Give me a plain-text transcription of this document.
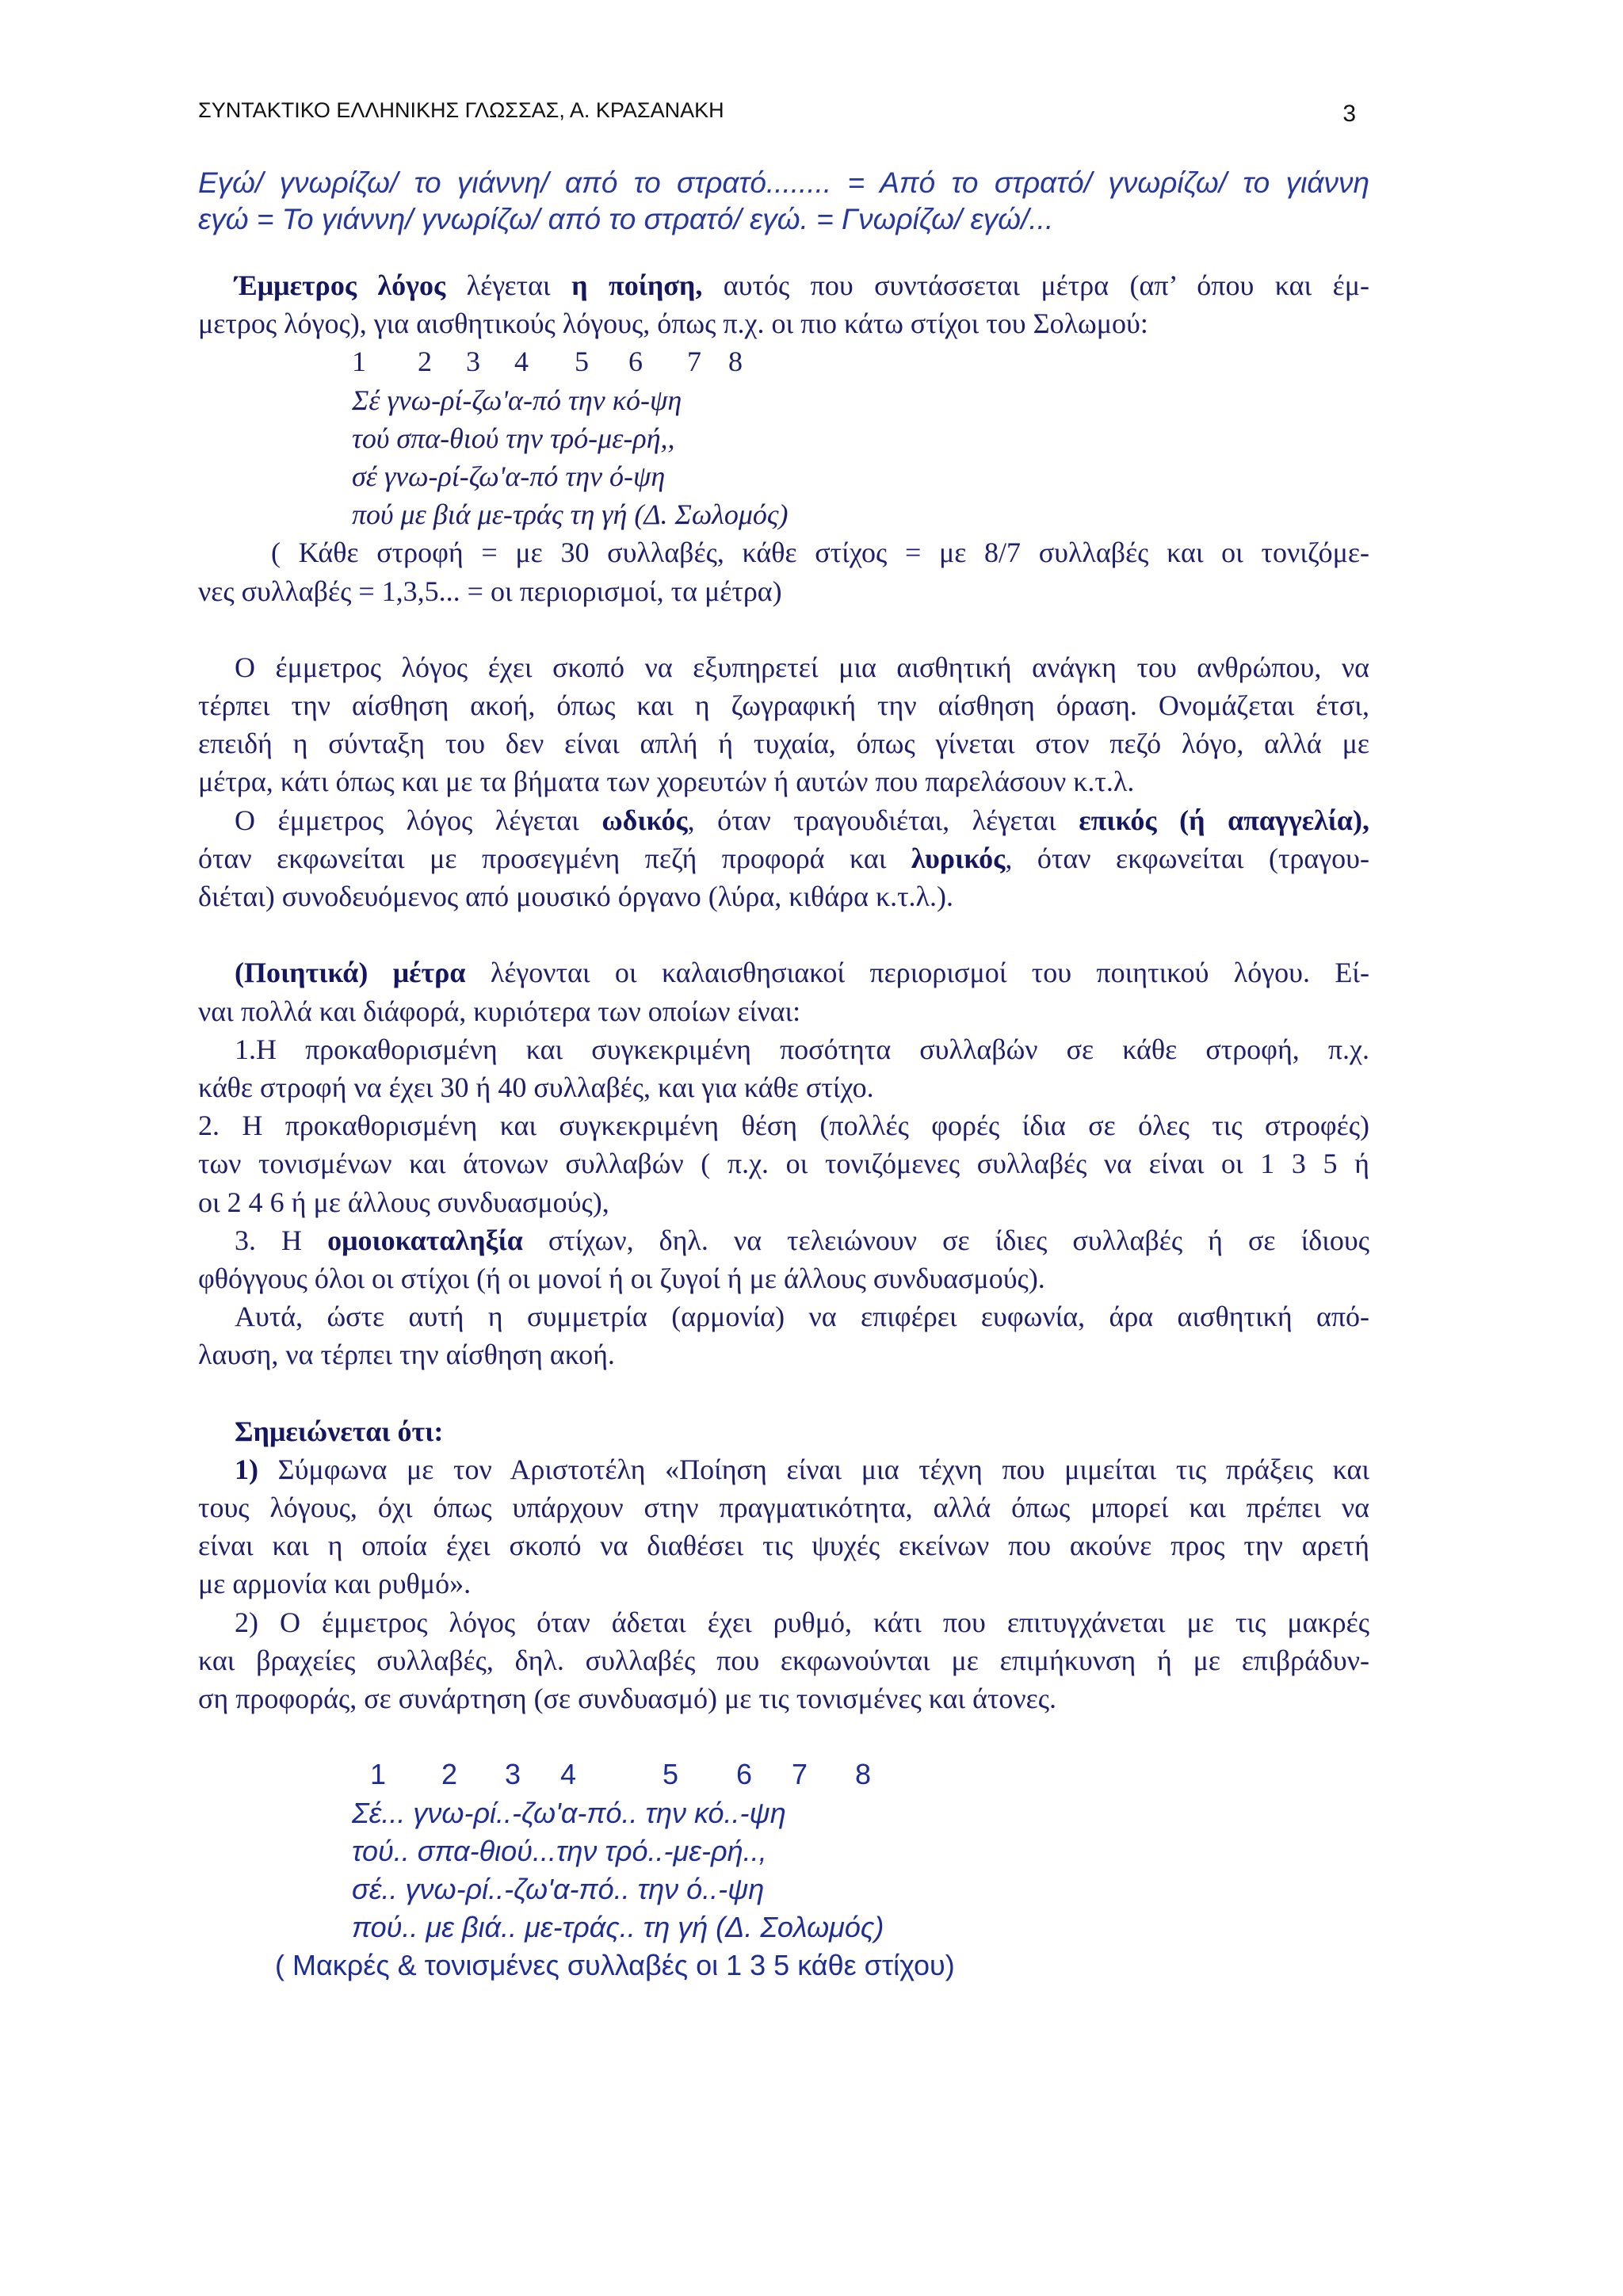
ΣΥΝΤΑΚΤΙΚΟ ΕΛΛΗΝΙΚΗΣ ΓΛΩΣΣΑΣ, Α. ΚΡΑΣΑΝΑΚΗ	3
Εγώ/ γνωρίζω/ το γιάννη/ από το στρατό........ = Από το στρατό/ γνωρίζω/ το γιάννη
εγώ = Το γιάννη/ γνωρίζω/ από το στρατό/ εγώ. = Γνωρίζω/ εγώ/...
Έμμετρος λόγος λέγεται η ποίηση, αυτός που συντάσσεται μέτρα (απ’ όπου και έμ-
μετρος λόγος), για αισθητικούς λόγους, όπως π.χ. οι πιο κάτω στίχοι του Σολωμού:
1 2 3 4 5 6 7 8
Σέ γνω-ρί-ζω'α-πό την κό-ψη
τού σπα-θιού την τρό-με-ρή,,
σέ γνω-ρί-ζω'α-πό την ό-ψη
πού με βιά με-τράς τη γή (Δ. Σωλομός)
( Κάθε στροφή = με 30 συλλαβές, κάθε στίχος = με 8/7 συλλαβές και οι τονιζόμε-
νες συλλαβές = 1,3,5... = οι περιορισμοί, τα μέτρα)
Ο έμμετρος λόγος έχει σκοπό να εξυπηρετεί μια αισθητική ανάγκη του ανθρώπου, να
τέρπει την αίσθηση ακοή, όπως και η ζωγραφική την αίσθηση όραση. Ονομάζεται έτσι,
επειδή η σύνταξη του δεν είναι απλή ή τυχαία, όπως γίνεται στον πεζό λόγο, αλλά με
μέτρα, κάτι όπως και με τα βήματα των χορευτών ή αυτών που παρελάσουν κ.τ.λ.
Ο έμμετρος λόγος λέγεται ωδικός, όταν τραγουδιέται, λέγεται επικός (ή απαγγελία),
όταν εκφωνείται με προσεγμένη πεζή προφορά και λυρικός, όταν εκφωνείται (τραγου-
διέται) συνοδευόμενος από μουσικό όργανο (λύρα, κιθάρα κ.τ.λ.).
(Ποιητικά) μέτρα λέγονται οι καλαισθησιακοί περιορισμοί του ποιητικού λόγου. Εί-
ναι πολλά και διάφορά, κυριότερα των οποίων είναι:
1.Η προκαθορισμένη και συγκεκριμένη ποσότητα συλλαβών σε κάθε στροφή, π.χ.
κάθε στροφή να έχει 30 ή 40 συλλαβές, και για κάθε στίχο.
2. Η προκαθορισμένη και συγκεκριμένη θέση (πολλές φορές ίδια σε όλες τις στροφές)
των τονισμένων και άτονων συλλαβών ( π.χ. οι τονιζόμενες συλλαβές να είναι οι 1 3 5 ή
οι 2 4 6 ή με άλλους συνδυασμούς),
3. Η ομοιοκαταληξία στίχων, δηλ. να τελειώνουν σε ίδιες συλλαβές ή σε ίδιους
φθόγγους όλοι οι στίχοι (ή οι μονοί ή οι ζυγοί ή με άλλους συνδυασμούς).
Αυτά, ώστε αυτή η συμμετρία (αρμονία) να επιφέρει ευφωνία, άρα αισθητική από-
λαυση, να τέρπει την αίσθηση ακοή.
Σημειώνεται ότι:
1) Σύμφωνα με τον Αριστοτέλη «Ποίηση είναι μια τέχνη που μιμείται τις πράξεις και
τους λόγους, όχι όπως υπάρχουν στην πραγματικότητα, αλλά όπως μπορεί και πρέπει να
είναι και η οποία έχει σκοπό να διαθέσει τις ψυχές εκείνων που ακούνε προς την αρετή
με αρμονία και ρυθμό».
2) Ο έμμετρος λόγος όταν άδεται έχει ρυθμό, κάτι που επιτυγχάνεται με τις μακρές
και βραχείες συλλαβές, δηλ. συλλαβές που εκφωνούνται με επιμήκυνση ή με επιβράδυν-
ση προφοράς, σε συνάρτηση (σε συνδυασμό) με τις τονισμένες και άτονες.
1 2 3 4	5 6 7 8
Σέ... γνω-ρί..-ζω'α-πό.. την κό..-ψη
τού.. σπα-θιού...την τρό..-με-ρή..,
σέ.. γνω-ρί..-ζω'α-πό.. την ό..-ψη
πού.. με βιά.. με-τράς.. τη γή (Δ. Σολωμός)
( Μακρές & τονισμένες συλλαβές οι 1 3 5 κάθε στίχου)
